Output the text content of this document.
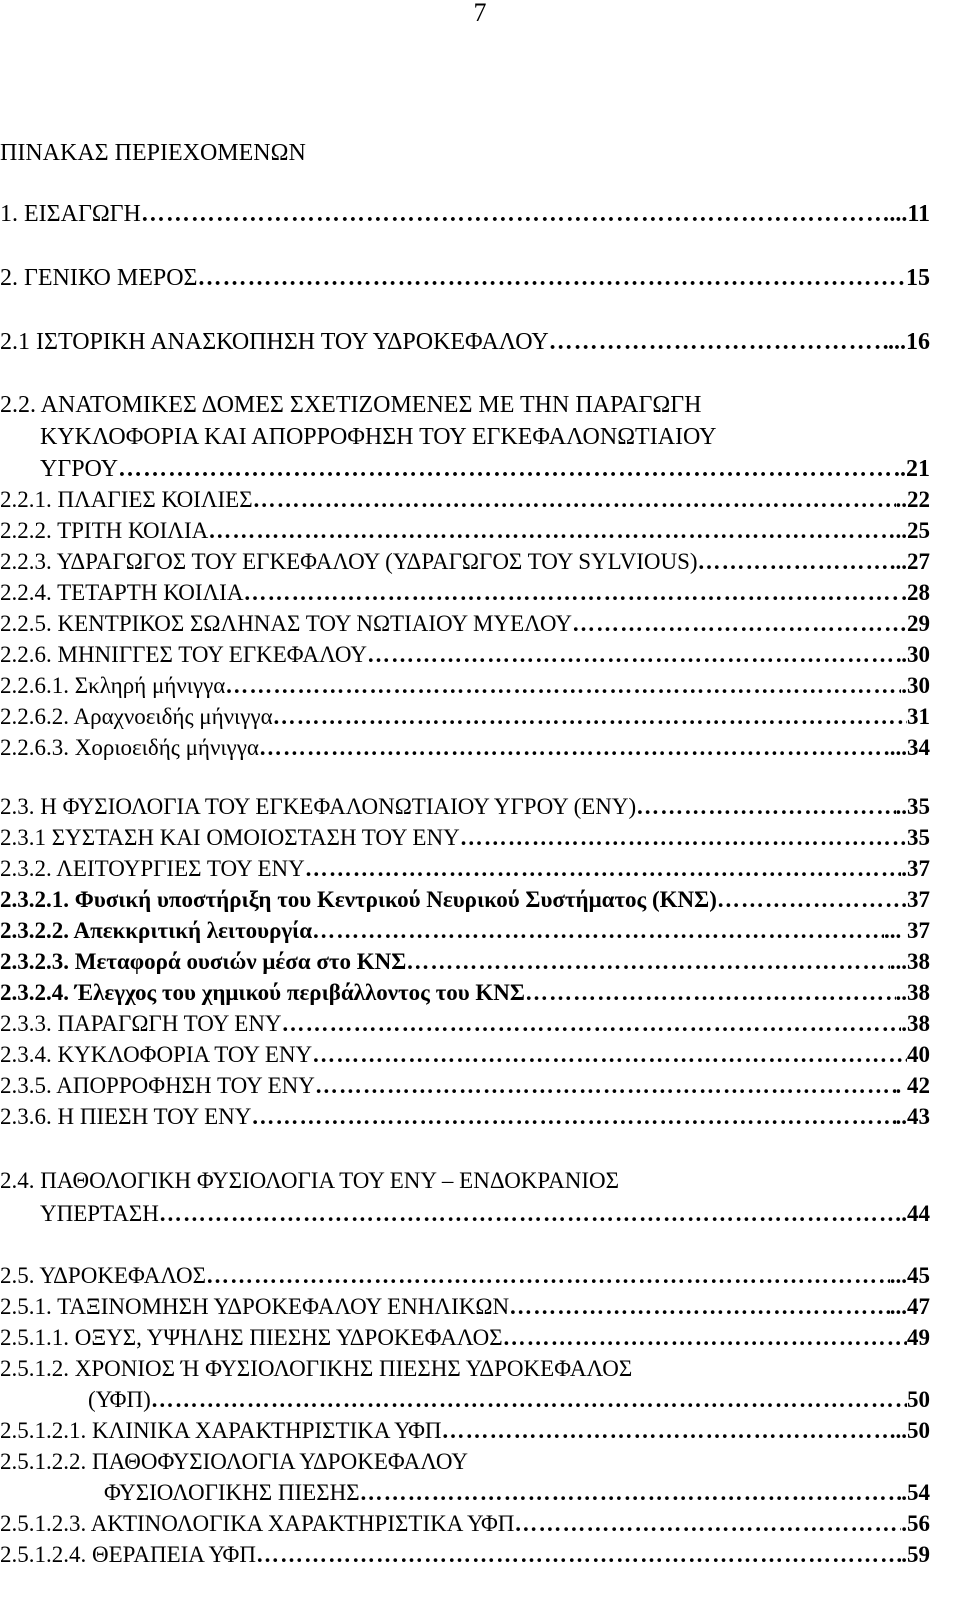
7
ΠΙΝΑΚΑΣ ΠΕΡΙΕΧΟΜΕΝΩΝ
1. ΕΙΣΑΓΩΓΗ ………………………………………………………………………………………………………………………………………………………………………………………………………………	...11
2. ΓΕΝΙΚΟ ΜΕΡΟΣ ………………………………………………………………………………………………………………………………………………………………………………………………………………	15
2.1 ΙΣΤΟΡΙΚΗ ΑΝΑΣΚΟΠΗΣΗ ΤΟΥ ΥΔΡΟΚΕΦΑΛΟΥ ………………………………………………………………………………………………………………………………………………………………………………………………………………	...16
2.2. ΑΝΑΤΟΜΙΚΕΣ ΔΟΜΕΣ ΣΧΕΤΙΖΟΜΕΝΕΣ ΜΕ ΤΗΝ ΠΑΡΑΓΩΓΗ
ΚΥΚΛΟΦΟΡΙΑ ΚΑΙ ΑΠΟΡΡΟΦΗΣΗ ΤΟΥ ΕΓΚΕΦΑΛΟΝΩΤΙΑΙΟΥ
ΥΓΡΟΥ ………………………………………………………………………………………………………………………………………………………………………………………………………………	.21
2.2.1. ΠΛΑΓΙΕΣ ΚΟΙΛΙΕΣ ………………………………………………………………………………………………………………………………………………………………………………………………………………	..22
2.2.2. ΤΡΙΤΗ ΚΟΙΛΙΑ ………………………………………………………………………………………………………………………………………………………………………………………………………………	..25
2.2.3. ΥΔΡΑΓΩΓΟΣ ΤΟΥ ΕΓΚΕΦΑΛΟΥ (ΥΔΡΑΓΩΓΟΣ ΤΟΥ SYLVIOUS) ………………………………………………………………………………………………………………………………………………………………………………………………………………	...27
2.2.4. ΤΕΤΑΡΤΗ ΚΟΙΛΙΑ ………………………………………………………………………………………………………………………………………………………………………………………………………………	.28
2.2.5. ΚΕΝΤΡΙΚΟΣ ΣΩΛΗΝΑΣ ΤΟΥ ΝΩΤΙΑΙΟΥ ΜΥΕΛΟΥ ………………………………………………………………………………………………………………………………………………………………………………………………………………	29
2.2.6. ΜΗΝΙΓΓΕΣ ΤΟΥ ΕΓΚΕΦΑΛΟΥ ………………………………………………………………………………………………………………………………………………………………………………………………………………	.30
2.2.6.1. Σκληρή μήνιγγα ………………………………………………………………………………………………………………………………………………………………………………………………………………	.30
2.2.6.2. Αραχνοειδής μήνιγγα ………………………………………………………………………………………………………………………………………………………………………………………………………………	31
2.2.6.3. Χοριοειδής μήνιγγα ………………………………………………………………………………………………………………………………………………………………………………………………………………	...34
2.3. Η ΦΥΣΙΟΛΟΓΙΑ ΤΟΥ ΕΓΚΕΦΑΛΟΝΩΤΙΑΙΟΥ ΥΓΡΟΥ (ΕΝΥ) ………………………………………………………………………………………………………………………………………………………………………………………………………………	..35
2.3.1 ΣΥΣΤΑΣΗ ΚΑΙ ΟΜΟΙΟΣΤΑΣΗ ΤΟΥ ΕΝΥ ………………………………………………………………………………………………………………………………………………………………………………………………………………	35
2.3.2. ΛΕΙΤΟΥΡΓΙΕΣ ΤΟΥ ΕΝΥ ………………………………………………………………………………………………………………………………………………………………………………………………………………	.37
2.3.2.1. Φυσική υποστήριξη του Κεντρικού Νευρικού Συστήματος (ΚΝΣ) ………………………………………………………………………………………………………………………………………………………………………………………………………………	.37
2.3.2.2. Απεκκριτική λειτουργία ………………………………………………………………………………………………………………………………………………………………………………………………………………	... 37
2.3.2.3. Μεταφορά ουσιών μέσα στο ΚΝΣ ………………………………………………………………………………………………………………………………………………………………………………………………………………	...38
2.3.2.4. Έλεγχος του χημικού περιβάλλοντος του ΚΝΣ ………………………………………………………………………………………………………………………………………………………………………………………………………………	..38
2.3.3. ΠΑΡΑΓΩΓΗ ΤΟΥ ΕΝΥ ………………………………………………………………………………………………………………………………………………………………………………………………………………	.38
2.3.4. ΚΥΚΛΟΦΟΡΙΑ ΤΟΥ ΕΝΥ ………………………………………………………………………………………………………………………………………………………………………………………………………………	40
2.3.5. ΑΠΟΡΡΟΦΗΣΗ ΤΟΥ ΕΝΥ ………………………………………………………………………………………………………………………………………………………………………………………………………………	. 42
2.3.6. Η ΠΙΕΣΗ ΤΟΥ ΕΝΥ ………………………………………………………………………………………………………………………………………………………………………………………………………………	..43
2.4. ΠΑΘΟΛΟΓΙΚΗ ΦΥΣΙΟΛΟΓΙΑ ΤΟΥ ΕΝΥ – ΕΝΔΟΚΡΑΝΙΟΣ
ΥΠΕΡΤΑΣΗ ………………………………………………………………………………………………………………………………………………………………………………………………………………	.44
2.5. ΥΔΡΟΚΕΦΑΛΟΣ ………………………………………………………………………………………………………………………………………………………………………………………………………………	...45
2.5.1. ΤΑΞΙΝΟΜΗΣΗ ΥΔΡΟΚΕΦΑΛΟΥ ΕΝΗΛΙΚΩΝ ………………………………………………………………………………………………………………………………………………………………………………………………………………	...47
2.5.1.1. ΟΞΥΣ, ΥΨΗΛΗΣ ΠΙΕΣΗΣ ΥΔΡΟΚΕΦΑΛΟΣ ………………………………………………………………………………………………………………………………………………………………………………………………………………	49
2.5.1.2. ΧΡΟΝΙΟΣ Ή ΦΥΣΙΟΛΟΓΙΚΗΣ ΠΙΕΣΗΣ ΥΔΡΟΚΕΦΑΛΟΣ
(ΥΦΠ) ………………………………………………………………………………………………………………………………………………………………………………………………………………	50
2.5.1.2.1. ΚΛΙΝΙΚΑ ΧΑΡΑΚΤΗΡΙΣΤΙΚΑ ΥΦΠ ………………………………………………………………………………………………………………………………………………………………………………………………………………	...50
2.5.1.2.2. ΠΑΘΟΦΥΣΙΟΛΟΓΙΑ ΥΔΡΟΚΕΦΑΛΟΥ
ΦΥΣΙΟΛΟΓΙΚΗΣ ΠΙΕΣΗΣ ………………………………………………………………………………………………………………………………………………………………………………………………………………	.54
2.5.1.2.3. ΑΚΤΙΝΟΛΟΓΙΚΑ ΧΑΡΑΚΤΗΡΙΣΤΙΚΑ ΥΦΠ ………………………………………………………………………………………………………………………………………………………………………………………………………………	.56
2.5.1.2.4. ΘΕΡΑΠΕΙΑ ΥΦΠ ………………………………………………………………………………………………………………………………………………………………………………………………………………	.59
